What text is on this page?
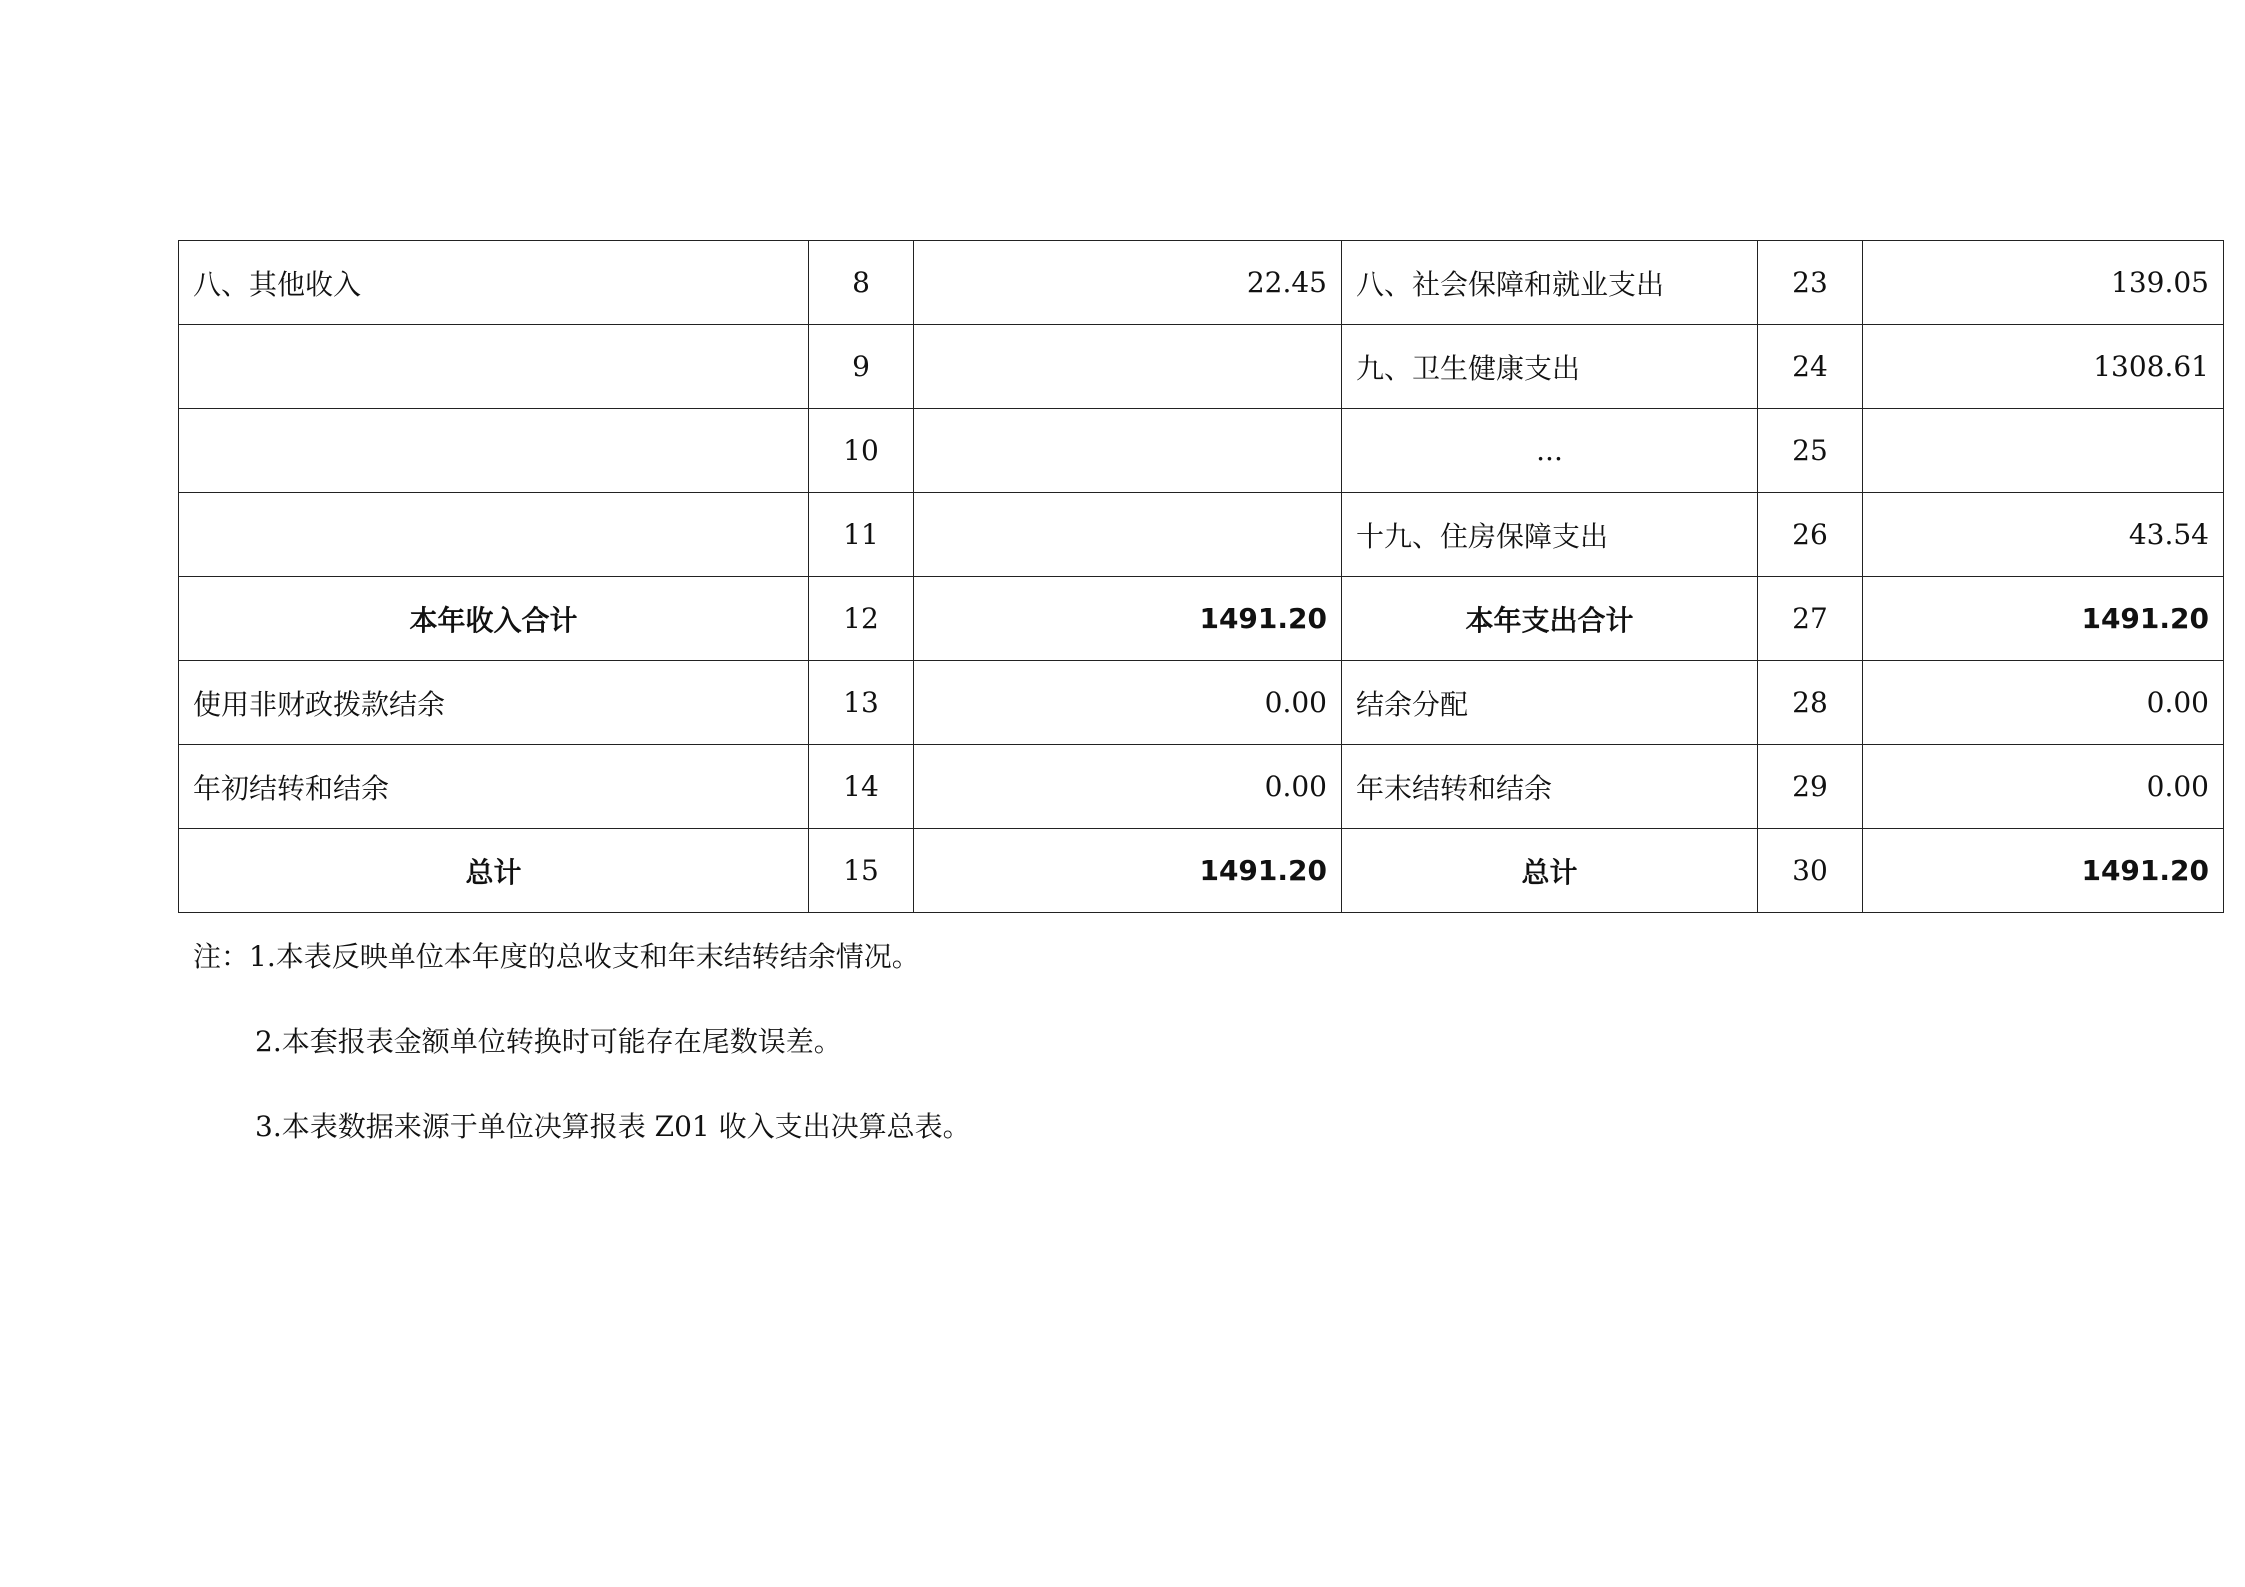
八、其他收入	8	22.45	八、社会保障和就业支出	23	139.05
	9		九、卫生健康支出	24	1308.61
	10		...	25	
	11		十九、住房保障支出	26	43.54
本年收入合计	12	1491.20	本年支出合计	27	1491.20
使用非财政拨款结余	13	0.00	结余分配	28	0.00
年初结转和结余	14	0.00	年末结转和结余	29	0.00
总计	15	1491.20	总计	30	1491.20
注：1.本表反映单位本年度的总收支和年末结转结余情况。
2.本套报表金额单位转换时可能存在尾数误差。
3.本表数据来源于单位决算报表 Z01 收入支出决算总表。
